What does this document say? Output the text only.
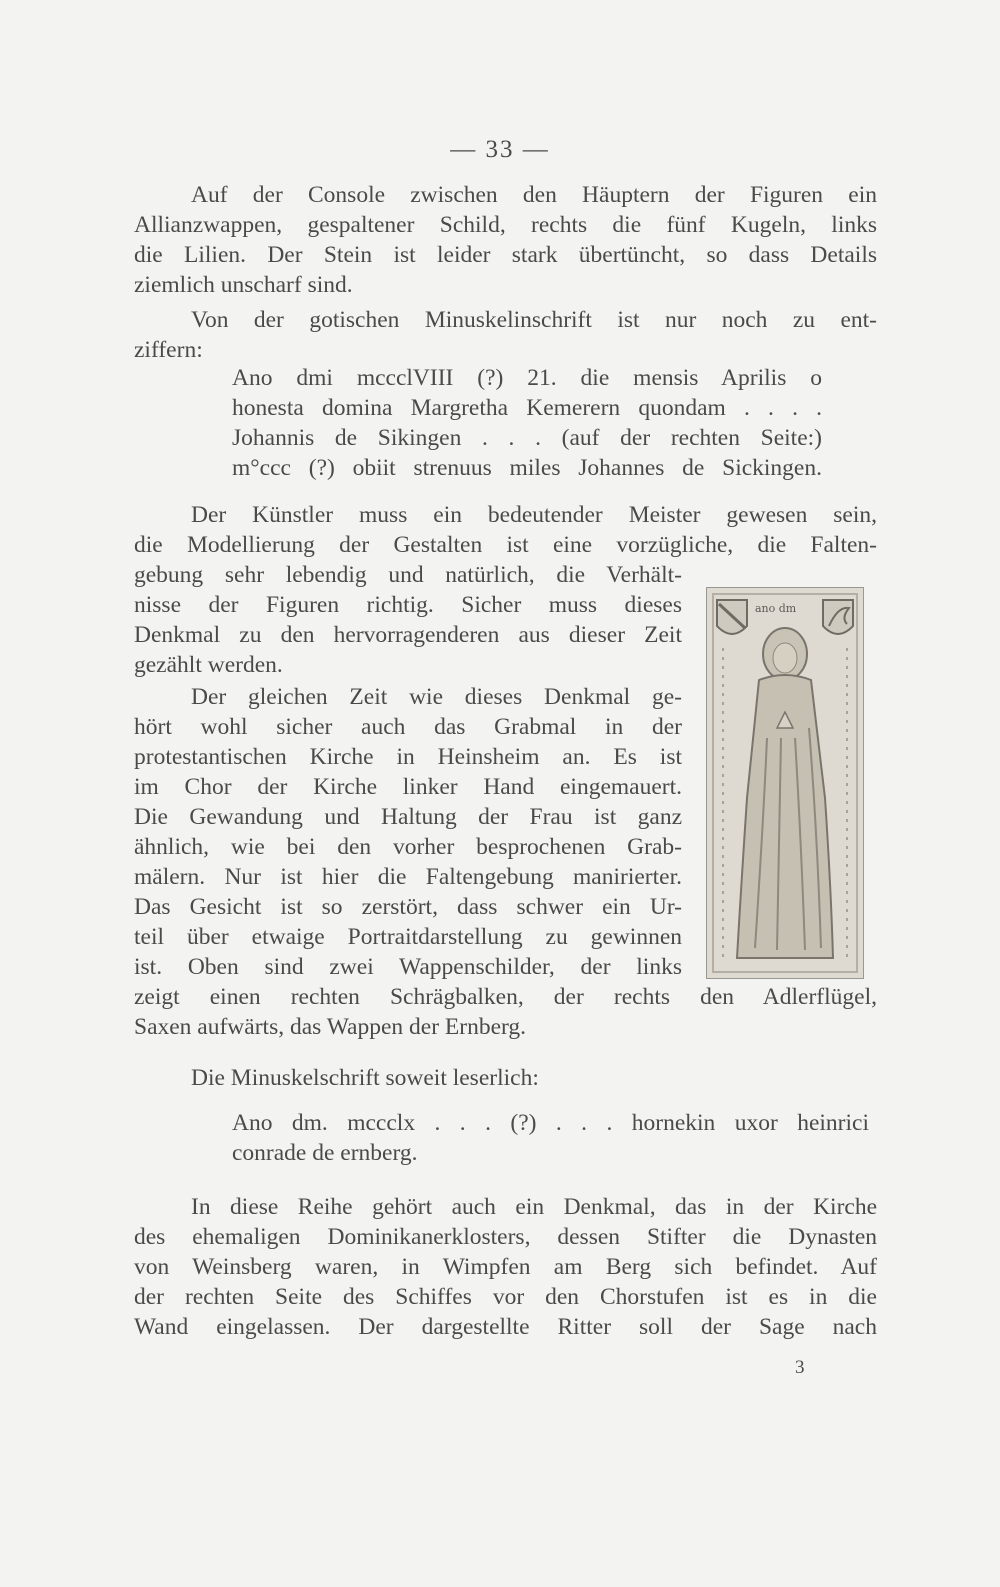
— 33 —
Auf der Console zwischen den Häuptern der Figuren ein
Allianzwappen, gespaltener Schild, rechts die fünf Kugeln, links
die Lilien. Der Stein ist leider stark übertüncht, so dass Details
ziemlich unscharf sind.
Von der gotischen Minuskelinschrift ist nur noch zu ent-
ziffern:
Ano dmi mccclVIII (?) 21. die mensis Aprilis o
honesta domina Margretha Kemerern quondam . . . .
Johannis de Sikingen . . . (auf der rechten Seite:)
m°ccc (?) obiit strenuus miles Johannes de Sickingen.
Der Künstler muss ein bedeutender Meister gewesen sein,
die Modellierung der Gestalten ist eine vorzügliche, die Falten-
gebung sehr lebendig und natürlich, die Verhält-
nisse der Figuren richtig. Sicher muss dieses
Denkmal zu den hervorragenderen aus dieser Zeit
gezählt werden.
Der gleichen Zeit wie dieses Denkmal ge-
hört wohl sicher auch das Grabmal in der
protestantischen Kirche in Heinsheim an. Es ist
im Chor der Kirche linker Hand eingemauert.
Die Gewandung und Haltung der Frau ist ganz
ähnlich, wie bei den vorher besprochenen Grab-
mälern. Nur ist hier die Faltengebung manirierter.
Das Gesicht ist so zerstört, dass schwer ein Ur-
teil über etwaige Portraitdarstellung zu gewinnen
ist. Oben sind zwei Wappenschilder, der links
zeigt einen rechten Schrägbalken, der rechts den Adlerflügel,
Saxen aufwärts, das Wappen der Ernberg.
ano dm
Die Minuskelschrift soweit leserlich:
Ano dm. mccclx . . . (?) . . . hornekin uxor heinrici
conrade de ernberg.
In diese Reihe gehört auch ein Denkmal, das in der Kirche
des ehemaligen Dominikanerklosters, dessen Stifter die Dynasten
von Weinsberg waren, in Wimpfen am Berg sich befindet. Auf
der rechten Seite des Schiffes vor den Chorstufen ist es in die
Wand eingelassen. Der dargestellte Ritter soll der Sage nach
3
